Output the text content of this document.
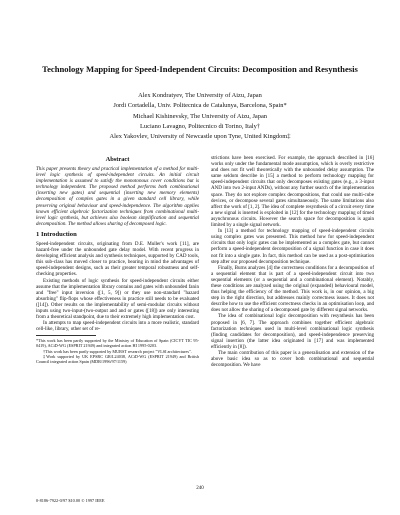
Technology Mapping for Speed-Independent Circuits: Decomposition and Resynthesis
Alex Kondratyev, The University of Aizu, Japan
Jordi Cortadella, Univ. Politecnica de Catalunya, Barcelona, Spain*
Michael Kishinevsky, The University of Aizu, Japan
Luciano Lavagno, Politecnico di Torino, Italy†
Alex Yakovlev, University of Newcastle upon Tyne, United Kingdom‡
Abstract

This paper presents theory and practical implementation of a method for multi-level logic synthesis of speed-independent circuits. An initial circuit implementation is assumed to satisfy the monotonous cover conditions but is technology independent. The proposed method performs both combinational (inserting new gates) and sequential (inserting new memory elements) decomposition of complex gates in a given standard cell library, while preserving original behaviour and speed-independence. The algorithm applies known efficient algebraic factorization techniques from combinational multi-level logic synthesis, but achieves also boolean simplification and sequential decomposition. The method allows sharing of decomposed logic.

1 Introduction

Speed-independent circuits, originating from D.E. Muller's work [11], are hazard-free under the unbounded gate delay model. With recent progress in developing efficient analysis and synthesis techniques, supported by CAD tools, this sub-class has moved closer to practice, bearing in mind the advantages of speed-independent designs, such as their greater temporal robustness and self-checking properties.

Existing methods of logic synthesis for speed-independent circuits either assume that the implementation library contains and gates with unbounded fanin and "free" input inversion ([1, 5, 9]) or they use non-standard "hazard absorbing" flip-flops whose effectiveness in practice still needs to be evaluated ([14]). Other results on the implementability of semi-modular circuits without inputs using two-input-(two-output and and or gates ([18]) are only interesting from a theoretical standpoint, due to their extremely high implementation cost.

In attempts to map speed-independent circuits into a more realistic, standard cell-like, library, other set of re-

*This work has been partly supported by the Ministry of Education of Spain (CICYT TIC 95-0419), ACiD-WG (ESPRIT 21949) and integrated action HI 1995-0203.

†This work has been partly supported by MURST research project "VLSI architectures".

‡Work supported by UK EPSRC GR/L24038, ACiD-WG (ESPRIT 21949) and British Council integrated action Spain (MDR/1996/97/1159)

strictions have been exercised. For example, the approach described in [16] works only under the fundamental mode assumption, which is overly restrictive and does not fit well theoretically with the unbounded delay assumption. The same seldom describe in [15] a method to perform technology mapping for speed-independent circuits that only decomposes existing gates (e.g., a 3-input AND into two 2-input ANDs), without any further search of the implementation space. They do not explore complex decompositions, that could use multi-cube devices, or decompose several gates simultaneously. The same limitations also affect the work of [1, 2]. The idea of complete resynthesis of a circuit every time a new signal is inserted is exploited in [12] for the technology mapping of timed asynchronous circuits. However the search space for decomposition is again limited by a single signal network.

In [13] a method for technology mapping of speed-independent circuits using complex gates was presented. This method how for speed-independent circuits that only logic gates can be implemented as a complex gate, but cannot perform a speed-independent decomposition of a signal function in case it does not fit into a single gate. In fact, this method can be used as a post-optimisation step after our proposed decomposition technique.

Finally, Burns analyzes [4] the correctness conditions for a decomposition of a sequential element that is part of a speed-independent circuit into two sequential elements (or a sequential and a combinational element). Notably, these conditions are analyzed using the original (expanded) behavioural model, thus helping the efficiency of the method. This work is, in our opinion, a big step in the right direction, but addresses mainly correctness issues. It does not describe how to use the efficient correctness checks in an optimisation loop, and does not allow the sharing of a decomposed gate by different signal networks.

The idea of combinational logic decomposition with resynthesis has been proposed in [6, 7]. The approach combines together efficient algebraic factorization techniques used in multi-level combinational logic synthesis (finding candidates for decomposition), and speed-independence preserving signal insertion (the latter idea originated in [17] and was implemented efficiently in [8]).

The main contribution of this paper is a generalisation and extension of the above basic idea so as to cover both combinational and sequential decomposition. We have

240
0-8186-7922-0/97 $10.00 © 1997 IEEE
